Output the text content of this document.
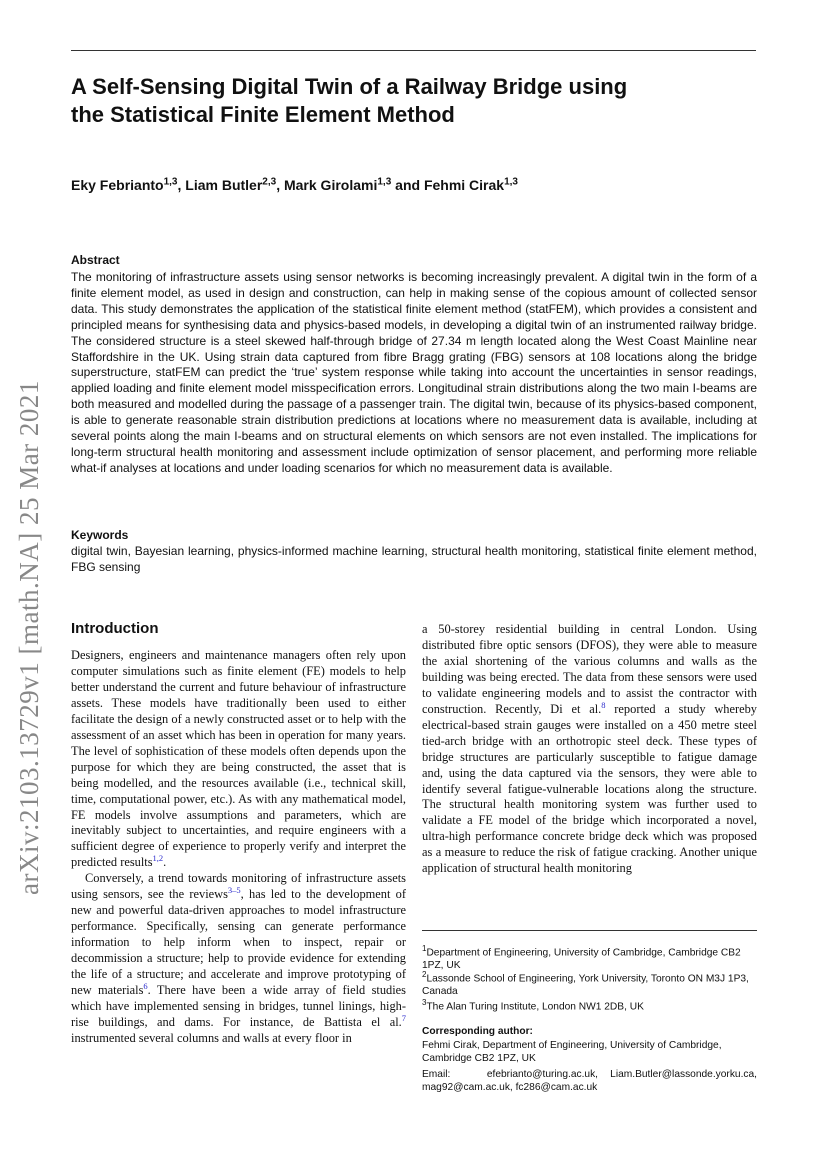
arXiv:2103.13729v1 [math.NA] 25 Mar 2021
A Self-Sensing Digital Twin of a Railway Bridge using the Statistical Finite Element Method
Eky Febrianto$^{1,3}$, Liam Butler$^{2,3}$, Mark Girolami$^{1,3}$ and Fehmi Cirak$^{1,3}$
Abstract
The monitoring of infrastructure assets using sensor networks is becoming increasingly prevalent. A digital twin in the form of a finite element model, as used in design and construction, can help in making sense of the copious amount of collected sensor data. This study demonstrates the application of the statistical finite element method (statFEM), which provides a consistent and principled means for synthesising data and physics-based models, in developing a digital twin of an instrumented railway bridge. The considered structure is a steel skewed half-through bridge of 27.34 m length located along the West Coast Mainline near Staffordshire in the UK. Using strain data captured from fibre Bragg grating (FBG) sensors at 108 locations along the bridge superstructure, statFEM can predict the ‘true’ system response while taking into account the uncertainties in sensor readings, applied loading and finite element model misspecification errors. Longitudinal strain distributions along the two main I-beams are both measured and modelled during the passage of a passenger train. The digital twin, because of its physics-based component, is able to generate reasonable strain distribution predictions at locations where no measurement data is available, including at several points along the main I-beams and on structural elements on which sensors are not even installed. The implications for long-term structural health monitoring and assessment include optimization of sensor placement, and performing more reliable what-if analyses at locations and under loading scenarios for which no measurement data is available.
Keywords
digital twin, Bayesian learning, physics-informed machine learning, structural health monitoring, statistical finite element method, FBG sensing
Introduction

Designers, engineers and maintenance managers often rely upon computer simulations such as finite element (FE) models to help better understand the current and future behaviour of infrastructure assets. These models have traditionally been used to either facilitate the design of a newly constructed asset or to help with the assessment of an asset which has been in operation for many years. The level of sophistication of these models often depends upon the purpose for which they are being constructed, the asset that is being modelled, and the resources available (i.e., technical skill, time, computational power, etc.). As with any mathematical model, FE models involve assumptions and parameters, which are inevitably subject to uncertainties, and require engineers with a sufficient degree of experience to properly verify and interpret the predicted results$^{1,2}$.

Conversely, a trend towards monitoring of infrastructure assets using sensors, see the reviews$^{3-5}$, has led to the development of new and powerful data-driven approaches to model infrastructure performance. Specifically, sensing can generate performance information to help inform when to inspect, repair or decommission a structure; help to provide evidence for extending the life of a structure; and accelerate and improve prototyping of new materials$^6$. There have been a wide array of field studies which have implemented sensing in bridges, tunnel linings, high-rise buildings, and dams. For instance, de Battista el al.$^7$ instrumented several columns and walls at every floor in

a 50-storey residential building in central London. Using distributed fibre optic sensors (DFOS), they were able to measure the axial shortening of the various columns and walls as the building was being erected. The data from these sensors were used to validate engineering models and to assist the contractor with construction. Recently, Di et al.$^8$ reported a study whereby electrical-based strain gauges were installed on a 450 metre steel tied-arch bridge with an orthotropic steel deck. These types of bridge structures are particularly susceptible to fatigue damage and, using the data captured via the sensors, they were able to identify several fatigue-vulnerable locations along the structure. The structural health monitoring system was further used to validate a FE model of the bridge which incorporated a novel, ultra-high performance concrete bridge deck which was proposed as a measure to reduce the risk of fatigue cracking. Another unique application of structural health monitoring

$^1$Department of Engineering, University of Cambridge, Cambridge CB2 1PZ, UK
$^2$Lassonde School of Engineering, York University, Toronto ON M3J 1P3, Canada
$^3$The Alan Turing Institute, London NW1 2DB, UK
Corresponding author:
Fehmi Cirak, Department of Engineering, University of Cambridge, Cambridge CB2 1PZ, UK
Email:	efebrianto@turing.ac.uk, Liam.Butler@lassonde.yorku.ca, mag92@cam.ac.uk, fc286@cam.ac.uk
